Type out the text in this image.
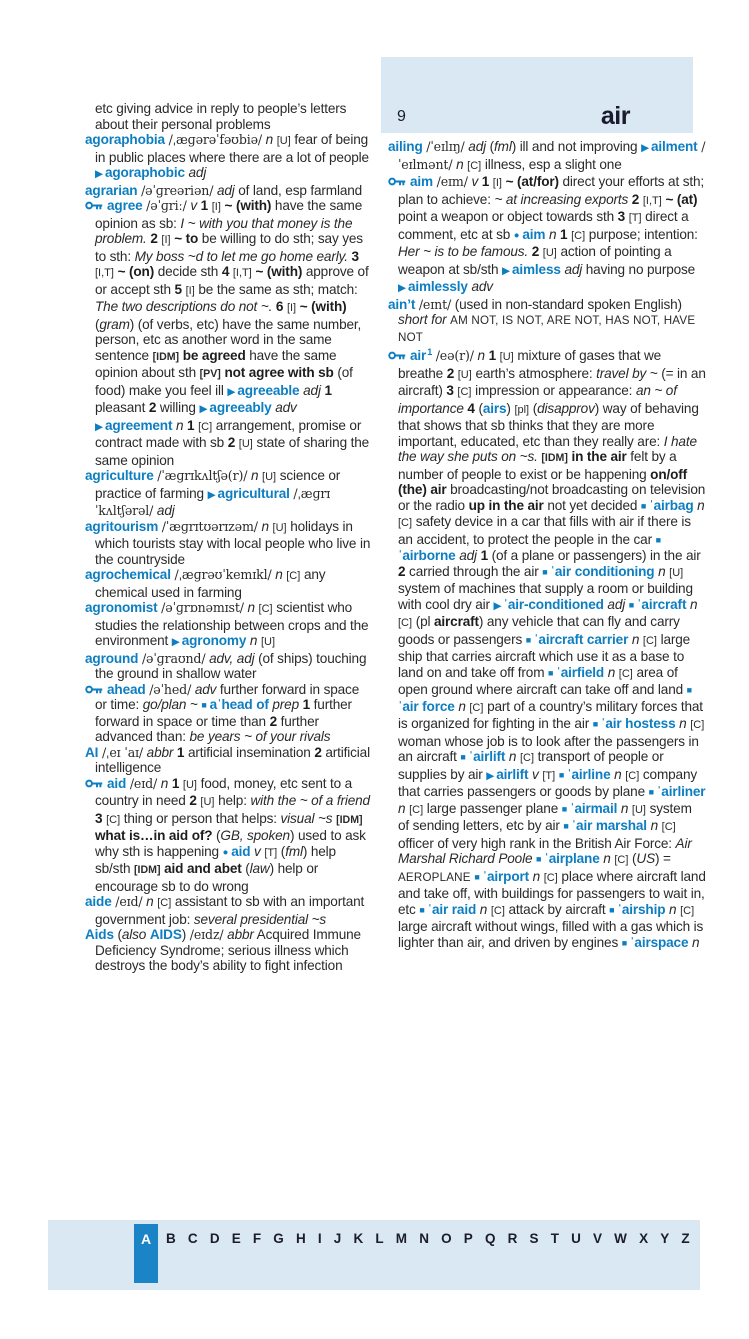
9	air

etc giving advice in reply to people’s letters about their personal problems

agoraphobia /ˌæɡərəˈfəʊbiə/ n [U] fear of being in public places where there are a lot of people ▶ agoraphobic adj

agrarian /əˈɡreəriən/ adj of land, esp farmland

agree /əˈɡriː/ v 1 [I] ~ (with) have the same opinion as sb: I ~ with you that money is the problem. 2 [I] ~ to be willing to do sth; say yes to sth: My boss ~d to let me go home early. 3 [I,T] ~ (on) decide sth 4 [I,T] ~ (with) approve of or accept sth 5 [I] be the same as sth; match: The two descriptions do not ~. 6 [I] ~ (with) (gram) (of verbs, etc) have the same number, person, etc as another word in the same sentence [IDM] be agreed have the same opinion about sth [PV] not agree with sb (of food) make you feel ill ▶ agreeable adj 1 pleasant 2 willing ▶ agreeably adv ▶ agreement n 1 [C] arrangement, promise or contract made with sb 2 [U] state of sharing the same opinion

agriculture /ˈæɡrɪkʌltʃə(r)/ n [U] science or practice of farming ▶ agricultural /ˌæɡrɪˈkʌltʃərəl/ adj

agritourism /ˈæɡrɪtʊərɪzəm/ n [U] holidays in which tourists stay with local people who live in the countryside

agrochemical /ˌæɡrəʊˈkemɪkl/ n [C] any chemical used in farming

agronomist /əˈɡrɒnəmɪst/ n [C] scientist who studies the relationship between crops and the environment ▶ agronomy n [U]

aground /əˈɡraʊnd/ adv, adj (of ships) touching the ground in shallow water

ahead /əˈhed/ adv further forward in space or time: go/plan ~ ■ aˈhead of prep 1 further forward in space or time than 2 further advanced than: be years ~ of your rivals

AI /ˌeɪ ˈaɪ/ abbr 1 artificial insemination 2 artificial intelligence

aid /eɪd/ n 1 [U] food, money, etc sent to a country in need 2 [U] help: with the ~ of a friend 3 [C] thing or person that helps: visual ~s [IDM] what is…in aid of? (GB, spoken) used to ask why sth is happening ● aid v [T] (fml) help sb/sth [IDM] aid and abet (law) help or encourage sb to do wrong

aide /eɪd/ n [C] assistant to sb with an important government job: several presidential ~s

Aids (also AIDS) /eɪdz/ abbr Acquired Immune Deficiency Syndrome; serious illness which destroys the body’s ability to fight infection

ailing /ˈeɪlɪŋ/ adj (fml) ill and not improving ▶ ailment /ˈeɪlmənt/ n [C] illness, esp a slight one

aim /eɪm/ v 1 [I] ~ (at/for) direct your efforts at sth; plan to achieve: ~ at increasing exports 2 [I,T] ~ (at) point a weapon or object towards sth 3 [T] direct a comment, etc at sb ● aim n 1 [C] purpose; intention: Her ~ is to be famous. 2 [U] action of pointing a weapon at sb/sth ▶ aimless adj having no purpose ▶ aimlessly adv

ain’t /eɪnt/ (used in non-standard spoken English) short for AM NOT, IS NOT, ARE NOT, HAS NOT, HAVE NOT

air$^1$ /eə(r)/ n 1 [U] mixture of gases that we breathe 2 [U] earth’s atmosphere: travel by ~ (= in an aircraft) 3 [C] impression or appearance: an ~ of importance 4 (airs) [pl] (disapprov) way of behaving that shows that sb thinks that they are more important, educated, etc than they really are: I hate the way she puts on ~s. [IDM] in the air felt by a number of people to exist or be happening on/off (the) air broadcasting/not broadcasting on television or the radio up in the air not yet decided ■ ˈairbag n [C] safety device in a car that fills with air if there is an accident, to protect the people in the car ■ˈairborne adj 1 (of a plane or passengers) in the air 2 carried through the air ■ ˈair conditioning n [U] system of machines that supply a room or building with cool dry air ▶ ˈair-conditioned adj ■ ˈaircraft n [C] (pl aircraft) any vehicle that can fly and carry goods or passengers ■ ˈaircraft carrier n [C] large ship that carries aircraft which use it as a base to land on and take off from ■ ˈairfield n [C] area of open ground where aircraft can take off and land ■ˈair force n [C] part of a country’s military forces that is organized for fighting in the air ■ ˈair hostess n [C] woman whose job is to look after the passengers in an aircraft ■ ˈairlift n [C] transport of people or supplies by air ▶ airlift v [T] ■ ˈairline n [C] company that carries passengers or goods by plane ■ ˈairliner n [C] large passenger plane ■ ˈairmail n [U] system of sending letters, etc by air ■ ˈair marshal n [C] officer of very high rank in the British Air Force: Air Marshal Richard Poole ■ ˈairplane n [C] (US) = AEROPLANE ■ ˈairport n [C] place where aircraft land and take off, with buildings for passengers to wait in, etc ■ ˈair raid n [C] attack by aircraft ■ ˈairship n [C] large aircraft without wings, filled with a gas which is lighter than air, and driven by engines ■ ˈairspace n

A	B C D E F G H I J K L M N O P Q R S T U V W X Y Z
